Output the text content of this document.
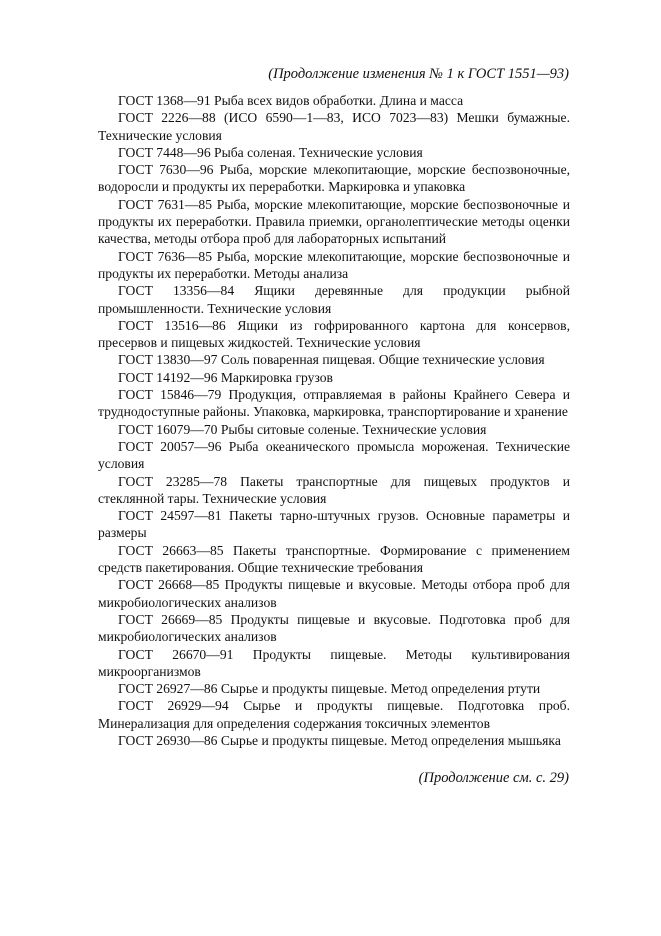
(Продолжение изменения № 1 к ГОСТ 1551—93)

ГОСТ 1368—91 Рыба всех видов обработки. Длина и масса

ГОСТ 2226—88 (ИСО 6590—1—83, ИСО 7023—83) Мешки бумажные. Технические условия

ГОСТ 7448—96 Рыба соленая. Технические условия

ГОСТ 7630—96 Рыба, морские млекопитающие, морские беспозвоночные, водоросли и продукты их переработки. Маркировка и упаковка

ГОСТ 7631—85 Рыба, морские млекопитающие, морские беспозвоночные и продукты их переработки. Правила приемки, органолептические методы оценки качества, методы отбора проб для лабораторных испытаний

ГОСТ 7636—85 Рыба, морские млекопитающие, морские беспозвоночные и продукты их переработки. Методы анализа

ГОСТ 13356—84 Ящики деревянные для продукции рыбной промышленности. Технические условия

ГОСТ 13516—86 Ящики из гофрированного картона для консервов, пресервов и пищевых жидкостей. Технические условия

ГОСТ 13830—97 Соль поваренная пищевая. Общие технические условия

ГОСТ 14192—96 Маркировка грузов

ГОСТ 15846—79 Продукция, отправляемая в районы Крайнего Севера и труднодоступные районы. Упаковка, маркировка, транспортирование и хранение

ГОСТ 16079—70 Рыбы ситовые соленые. Технические условия

ГОСТ 20057—96 Рыба океанического промысла мороженая. Технические условия

ГОСТ 23285—78 Пакеты транспортные для пищевых продуктов и стеклянной тары. Технические условия

ГОСТ 24597—81 Пакеты тарно-штучных грузов. Основные параметры и размеры

ГОСТ 26663—85 Пакеты транспортные. Формирование с применением средств пакетирования. Общие технические требования

ГОСТ 26668—85 Продукты пищевые и вкусовые. Методы отбора проб для микробиологических анализов

ГОСТ 26669—85 Продукты пищевые и вкусовые. Подготовка проб для микробиологических анализов

ГОСТ 26670—91 Продукты пищевые. Методы культивирования микроорганизмов

ГОСТ 26927—86 Сырье и продукты пищевые. Метод определения ртути

ГОСТ 26929—94 Сырье и продукты пищевые. Подготовка проб. Минерализация для определения содержания токсичных элементов

ГОСТ 26930—86 Сырье и продукты пищевые. Метод определения мышьяка

(Продолжение см. с. 29)
